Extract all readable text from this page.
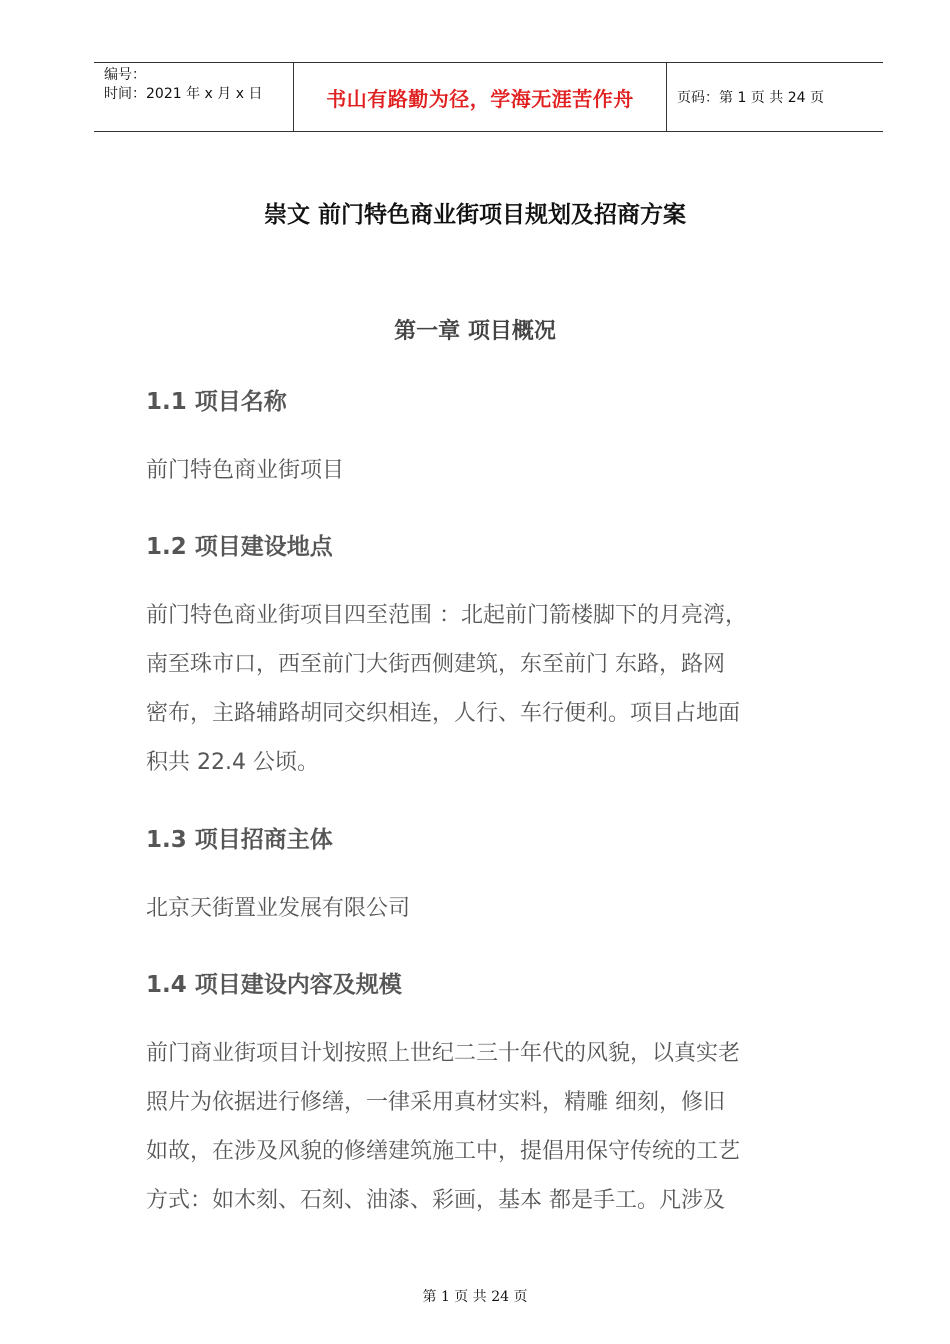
编号：
时间：2021 年 x 月 x 日	书山有路勤为径，学海无涯苦作舟	页码：第 1 页 共 24 页
崇文 前门特色商业街项目规划及招商方案
第一章 项目概况
1.1 项目名称
前门特色商业街项目
1.2 项目建设地点
前门特色商业街项目四至范围 ：北起前门箭楼脚下的月亮湾，
南至珠市口，西至前门大街西侧建筑，东至前门 东路，路网
密布，主路辅路胡同交织相连，人行、车行便利。项目占地面
积共 22.4 公顷。
1.3 项目招商主体
北京天街置业发展有限公司
1.4 项目建设内容及规模
前门商业街项目计划按照上世纪二三十年代的风貌，以真实老
照片为依据进行修缮，一律采用真材实料，精雕 细刻，修旧
如故，在涉及风貌的修缮建筑施工中，提倡用保守传统的工艺
方式：如木刻、石刻、油漆、彩画，基本 都是手工。凡涉及
第 1 页 共 24 页
